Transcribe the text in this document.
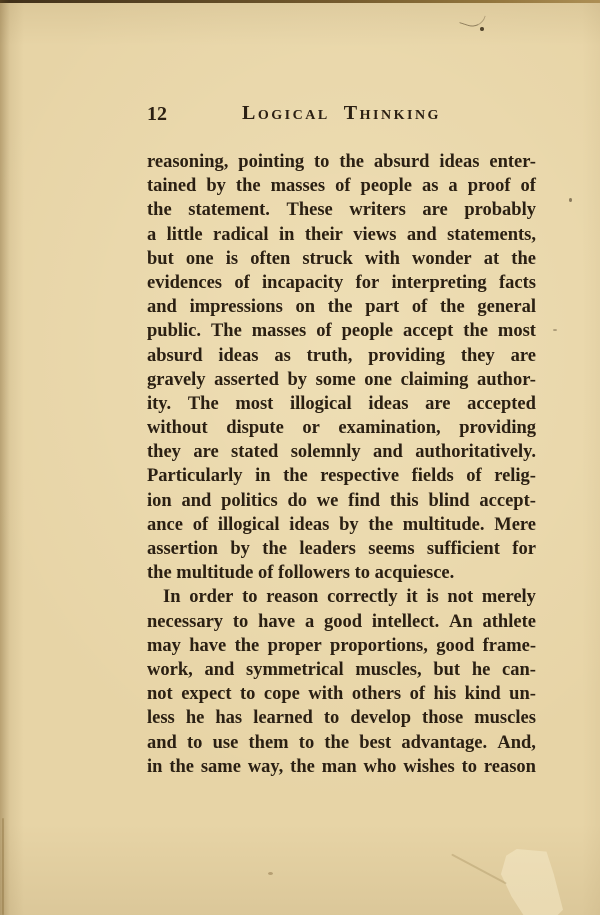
12	Logical Thinking
reasoning, pointing to the absurd ideas enter-
tained by the masses of people as a proof of
the statement. These writers are probably
a little radical in their views and statements,
but one is often struck with wonder at the
evidences of incapacity for interpreting facts
and impressions on the part of the general
public. The masses of people accept the most
absurd ideas as truth, providing they are
gravely asserted by some one claiming author-
ity. The most illogical ideas are accepted
without dispute or examination, providing
they are stated solemnly and authoritatively.
Particularly in the respective fields of relig-
ion and politics do we find this blind accept-
ance of illogical ideas by the multitude. Mere
assertion by the leaders seems sufficient for
the multitude of followers to acquiesce.
In order to reason correctly it is not merely
necessary to have a good intellect. An athlete
may have the proper proportions, good frame-
work, and symmetrical muscles, but he can-
not expect to cope with others of his kind un-
less he has learned to develop those muscles
and to use them to the best advantage. And,
in the same way, the man who wishes to reason
